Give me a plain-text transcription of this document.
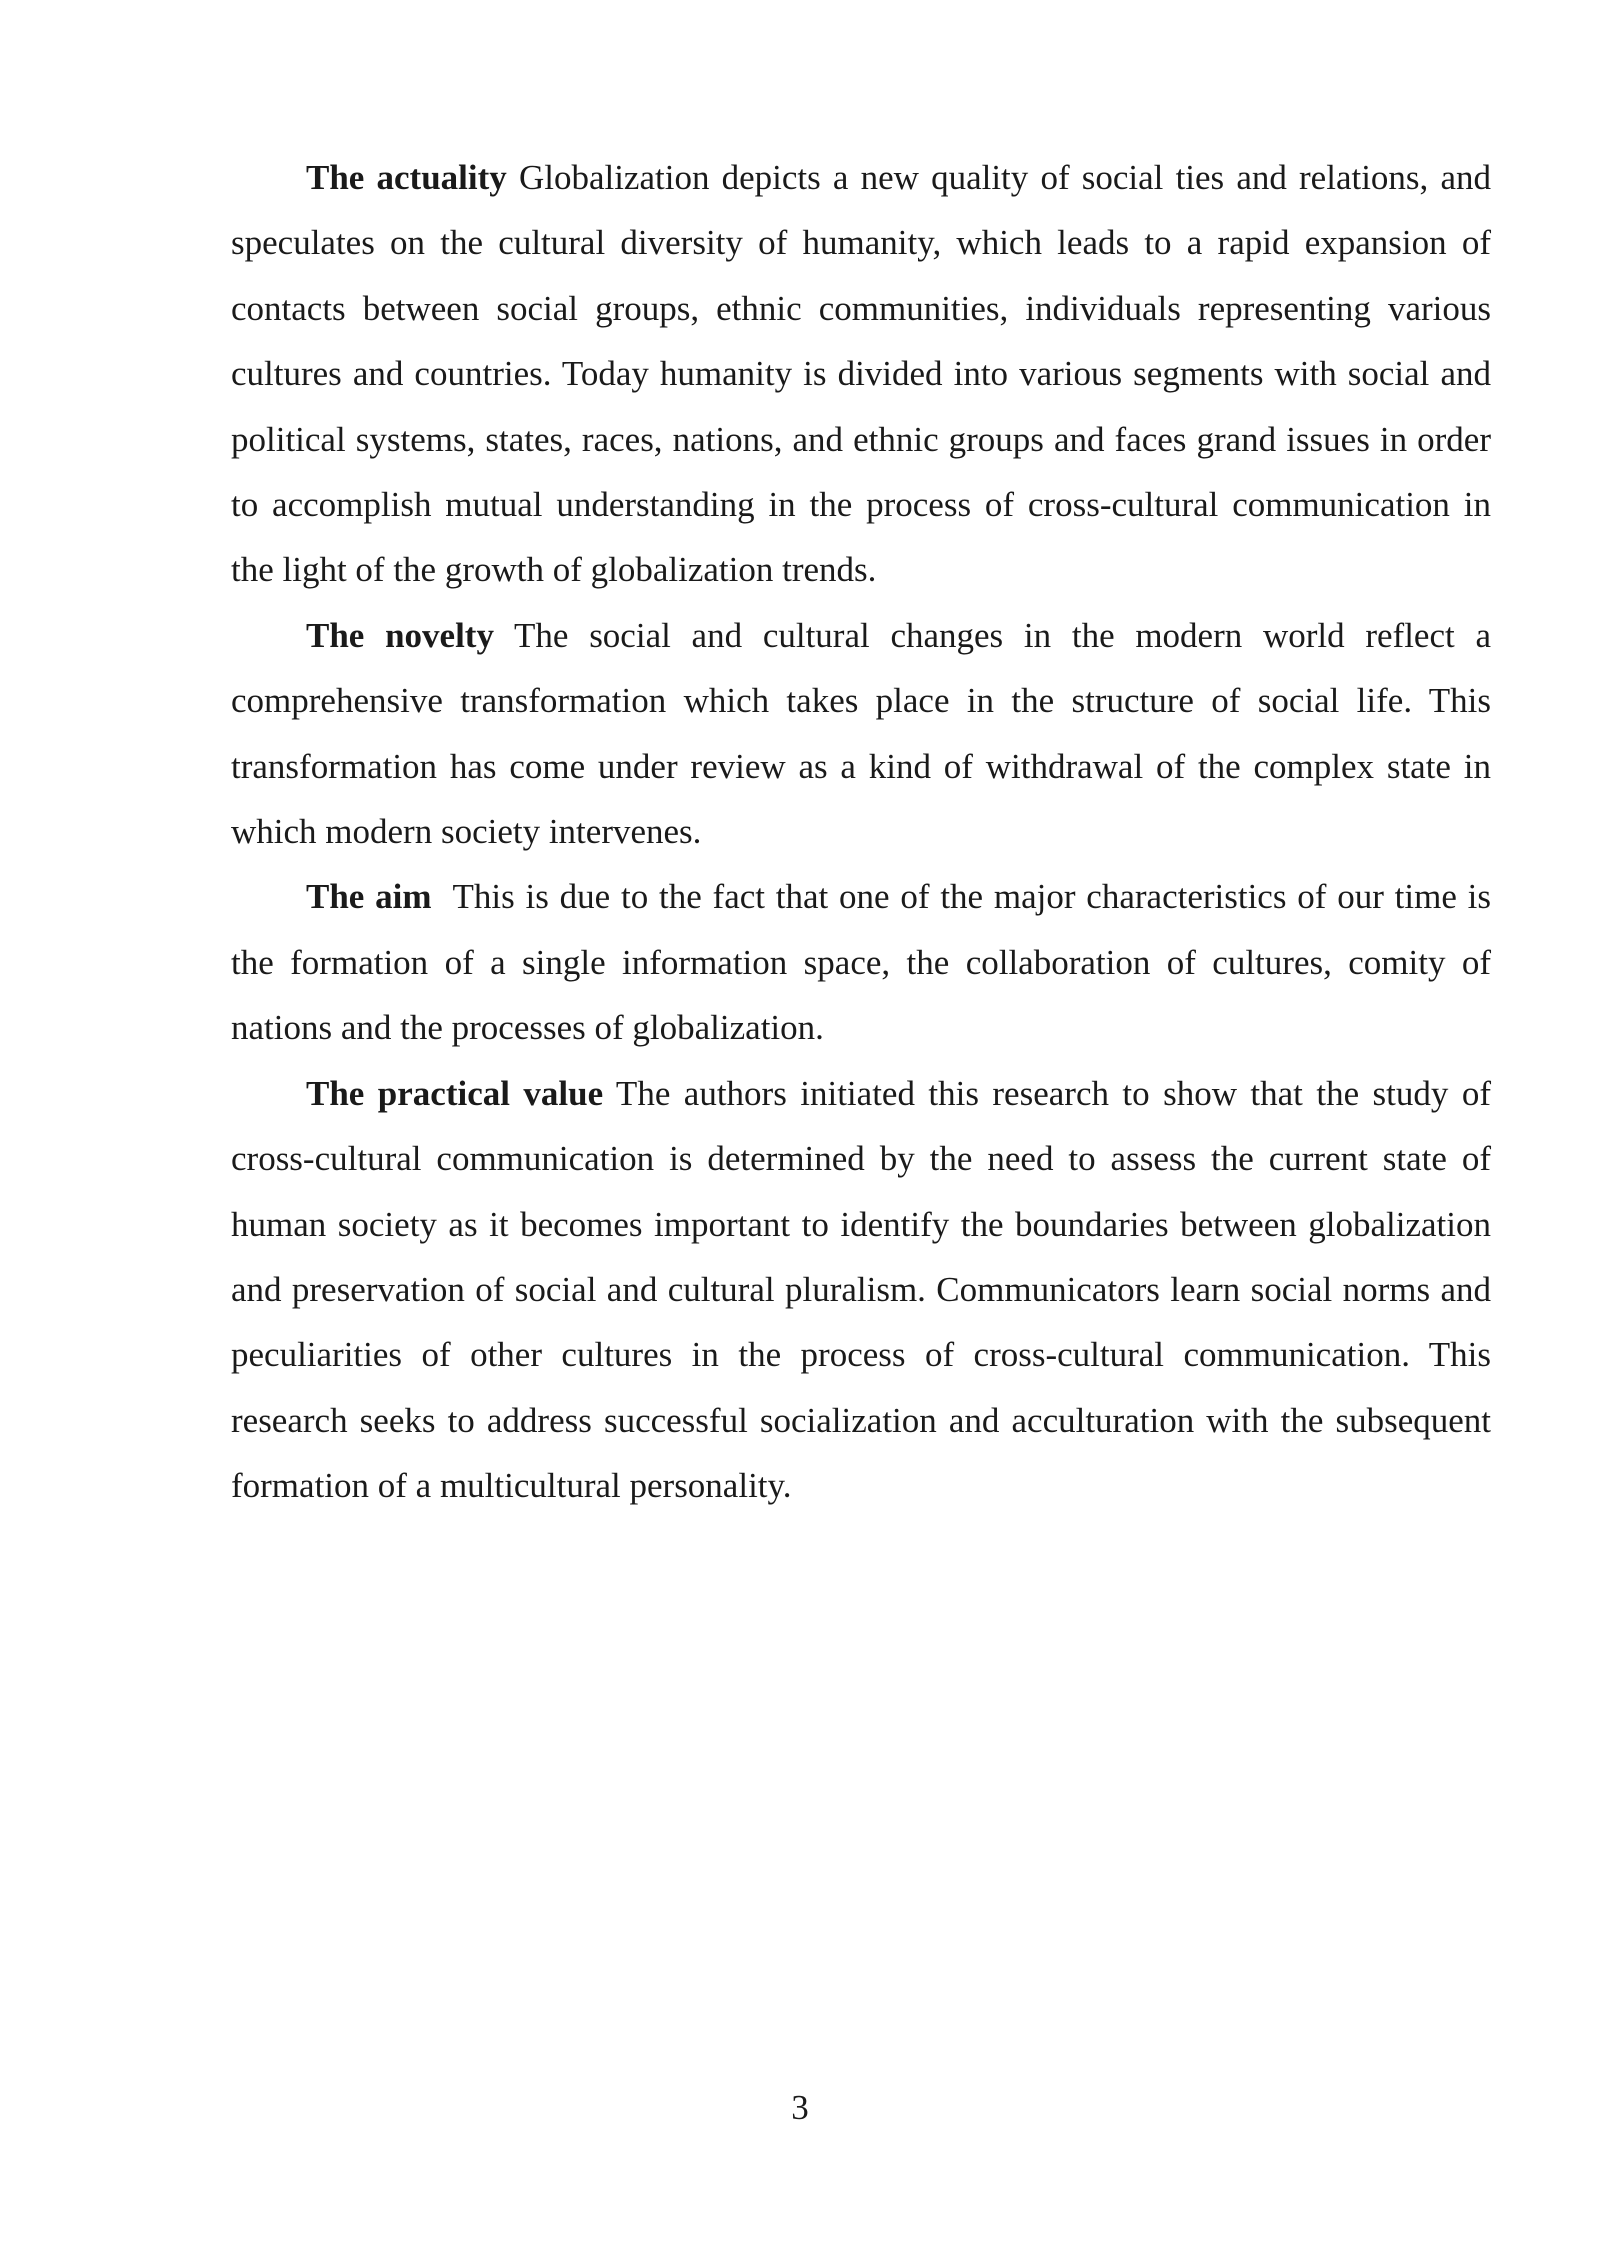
The actuality Globalization depicts a new quality of social ties and relations, and speculates on the cultural diversity of humanity, which leads to a rapid expansion of contacts between social groups, ethnic communities, individuals representing various cultures and countries. Today humanity is divided into various segments with social and political systems, states, races, nations, and ethnic groups and faces grand issues in order to accomplish mutual understanding in the process of cross-cultural communication in the light of the growth of globalization trends.

The novelty The social and cultural changes in the modern world reflect a comprehensive transformation which takes place in the structure of social life. This transformation has come under review as a kind of withdrawal of the complex state in which modern society intervenes.

The aim  This is due to the fact that one of the major characteristics of our time is the formation of a single information space, the collaboration of cultures, comity of nations and the processes of globalization.

The practical value The authors initiated this research to show that the study of cross-cultural communication is determined by the need to assess the current state of human society as it becomes important to identify the boundaries between globalization and preservation of social and cultural pluralism. Communicators learn social norms and peculiarities of other cultures in the process of cross-cultural communication. This research seeks to address successful socialization and acculturation with the subsequent formation of a multicultural personality.

3
